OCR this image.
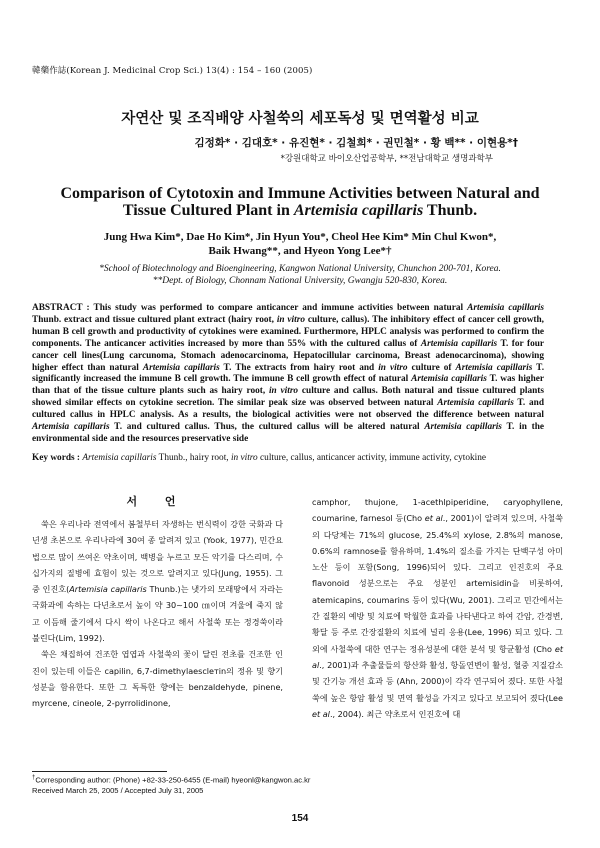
韓藥作誌(Korean J. Medicinal Crop Sci.) 13(4) : 154 – 160 (2005)
자연산 및 조직배양 사철쑥의 세포독성 및 면역활성 비교
김정화* · 김대호* · 유진현* · 김철희* · 권민철* · 황 백** · 이현용*†
*강원대학교 바이오산업공학부, **전남대학교 생명과학부
Comparison of Cytotoxin and Immune Activities between Natural and
Tissue Cultured Plant in Artemisia capillaris Thunb.
Jung Hwa Kim*, Dae Ho Kim*, Jin Hyun You*, Cheol Hee Kim* Min Chul Kwon*,
Baik Hwang**, and Hyeon Yong Lee*†
*School of Biotechnology and Bioengineering, Kangwon National University, Chunchon 200-701, Korea.
**Dept. of Biology, Chonnam National University, Gwangju 520-830, Korea.
ABSTRACT : This study was performed to compare anticancer and immune activities between natural Artemisia capillaris Thunb. extract and tissue cultured plant extract (hairy root, in vitro culture, callus). The inhibitory effect of cancer cell growth, human B cell growth and productivity of cytokines were examined. Furthermore, HPLC analysis was performed to confirm the components. The anticancer activities increased by more than 55% with the cultured callus of Artemisia capillaris T. for four cancer cell lines(Lung carcunoma, Stomach adenocarcinoma, Hepatocillular carcinoma, Breast adenocarcinoma), showing higher effect than natural Artemisia capillaris T. The extracts from hairy root and in vitro culture of Artemisia capillaris T. significantly increased the immune B cell growth. The immune B cell growth effect of natural Artemisia capillaris T. was higher than that of the tissue culture plants such as hairy root, in vitro culture and callus. Both natural and tissue cultured plants showed similar effects on cytokine secretion. The similar peak size was observed between natural Artemisia capillaris T. and cultured callus in HPLC analysis. As a results, the biological activities were not observed the difference between natural Artemisia capillaris T. and cultured callus. Thus, the cultured callus will be altered natural Artemisia capillaris T. in the environmental side and the resources preservative side
Key words : Artemisia capillaris Thunb., hairy root, in vitro culture, callus, anticancer activity, immune activity, cytokine
서 언

쑥은 우리나라 전역에서 봄철부터 자생하는 번식력이 강한 국화과 다년생 초본으로 우리나라에 30여 종 알려져 있고 (Yook, 1977), 민간요법으로 많이 쓰여온 약초이며, 백병을 누르고 모든 악기를 다스리며, 수십가지의 질병에 효험이 있는 것으로 알려지고 있다(Jung, 1955). 그 중 인진호(Artemisia capillaris Thunb.)는 냇가의 모래땅에서 자라는 국화과에 속하는 다년초로서 높이 약 30~100 ㎝이며 겨울에 죽지 않고 이듬해 줄기에서 다시 싹이 나온다고 해서 사철쑥 또는 정경쑥이라 불린다(Lim, 1992).

쑥은 채집하여 건조한 엽엽과 사철쑥의 꽃이 달린 전초를 건조한 인진이 있는데 이들은 capilin, 6,7-dimethylaesclетin의 정유 및 향기 성분을 함유한다. 또한 그 독특한 향에는 benzaldehyde, pinene, myrcene, cineole, 2-pyrrolidinone,

camphor, thujone, 1-acethlpiperidine, caryophyllene, coumarine, farnesol 등(Cho et al., 2001)이 알려져 있으며, 사철쑥의 다당체는 71%의 glucose, 25.4%의 xylose, 2.8%의 manose, 0.6%의 ramnose를 함유하며, 1.4%의 질소를 가지는 단백구성 아미노산 등이 포함(Song, 1996)되어 있다. 그리고 인진호의 주요 flavonoid 성분으로는 주요 성분인 artemisidin을 비롯하여, atemicapins, coumarins 등이 있다(Wu, 2001). 그리고 민간에서는 간 질환의 예방 및 치료에 탁월한 효과를 나타낸다고 하여 간암, 간경변, 황달 등 주로 간장질환의 치료에 널리 응용(Lee, 1996) 되고 있다. 그 외에 사철쑥에 대한 연구는 정유성분에 대한 분석 및 항균활성 (Cho et al., 2001)과 추출물들의 항산화 활성, 항돌연변이 활성, 혈중 지질감소 및 간기능 개선 효과 등 (Ahn, 2000)이 각각 연구되어 졌다. 또한 사철쑥에 높은 항암 활성 및 면역 활성을 가지고 있다고 보고되어 졌다(Lee et al., 2004). 최근 약초로서 인진호에 대

†Corresponding author: (Phone) +82-33-250-6455 (E-mail) hyeonl@kangwon.ac.kr
Received March 25, 2005 / Accepted July 31, 2005
154
